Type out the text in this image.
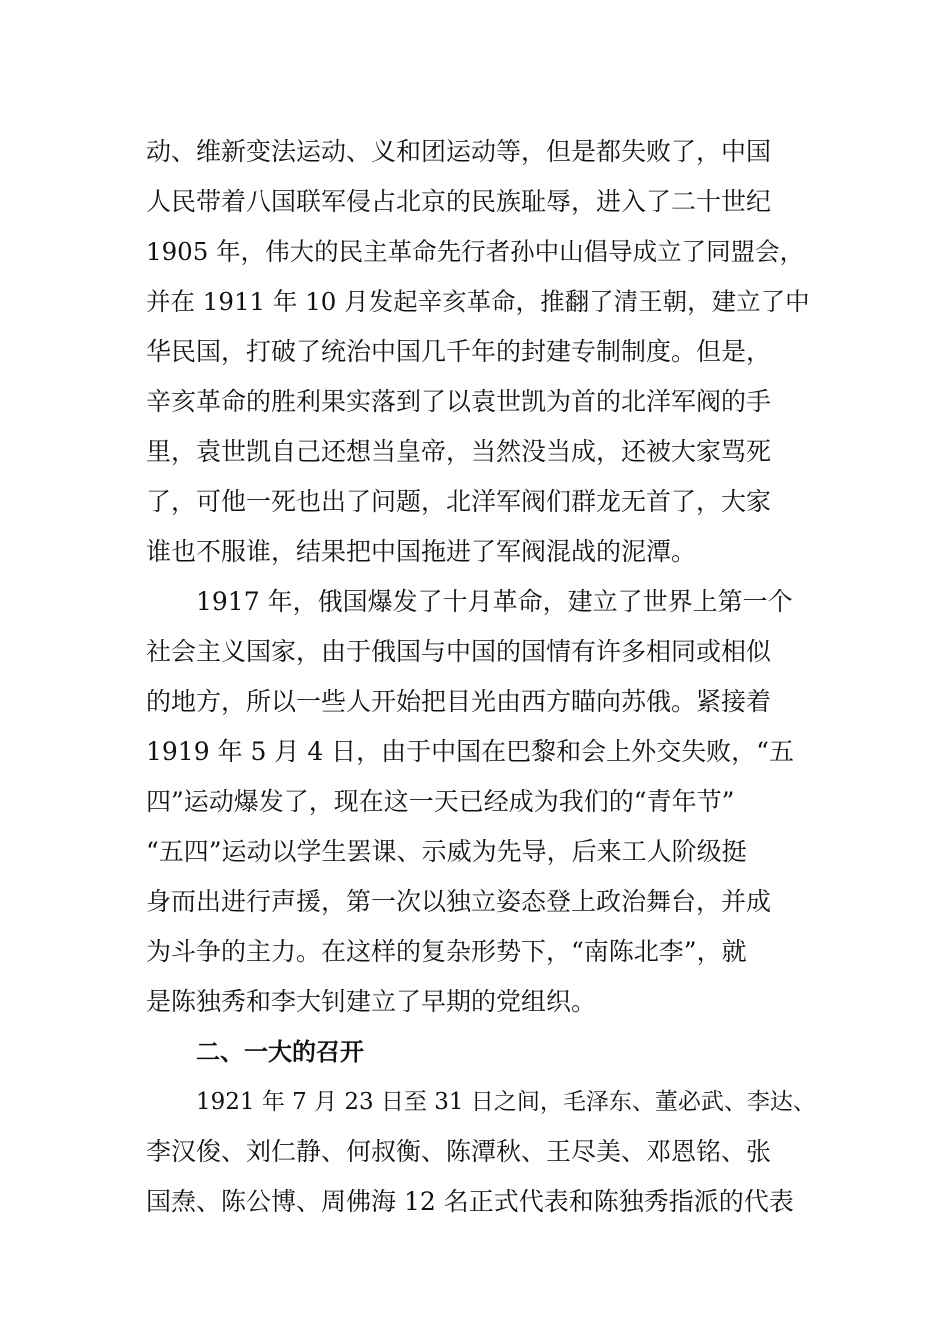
动、维新变法运动、义和团运动等，但是都失败了，中国
人民带着八国联军侵占北京的民族耻辱，进入了二十世纪
1905 年，伟大的民主革命先行者孙中山倡导成立了同盟会，
并在 1911 年 10 月发起辛亥革命，推翻了清王朝，建立了中
华民国，打破了统治中国几千年的封建专制制度。但是，
辛亥革命的胜利果实落到了以袁世凯为首的北洋军阀的手
里，袁世凯自己还想当皇帝，当然没当成，还被大家骂死
了，可他一死也出了问题，北洋军阀们群龙无首了，大家
谁也不服谁，结果把中国拖进了军阀混战的泥潭。
1917 年，俄国爆发了十月革命，建立了世界上第一个
社会主义国家，由于俄国与中国的国情有许多相同或相似
的地方，所以一些人开始把目光由西方瞄向苏俄。紧接着
1919 年 5 月 4 日，由于中国在巴黎和会上外交失败，“五
四”运动爆发了，现在这一天已经成为我们的“青年节”
“五四”运动以学生罢课、示威为先导，后来工人阶级挺
身而出进行声援，第一次以独立姿态登上政治舞台，并成
为斗争的主力。在这样的复杂形势下，“南陈北李”，就
是陈独秀和李大钊建立了早期的党组织。
二、一大的召开
1921 年 7 月 23 日至 31 日之间，毛泽东、董必武、李达、
李汉俊、刘仁静、何叔衡、陈潭秋、王尽美、邓恩铭、张
国焘、陈公博、周佛海 12 名正式代表和陈独秀指派的代表
